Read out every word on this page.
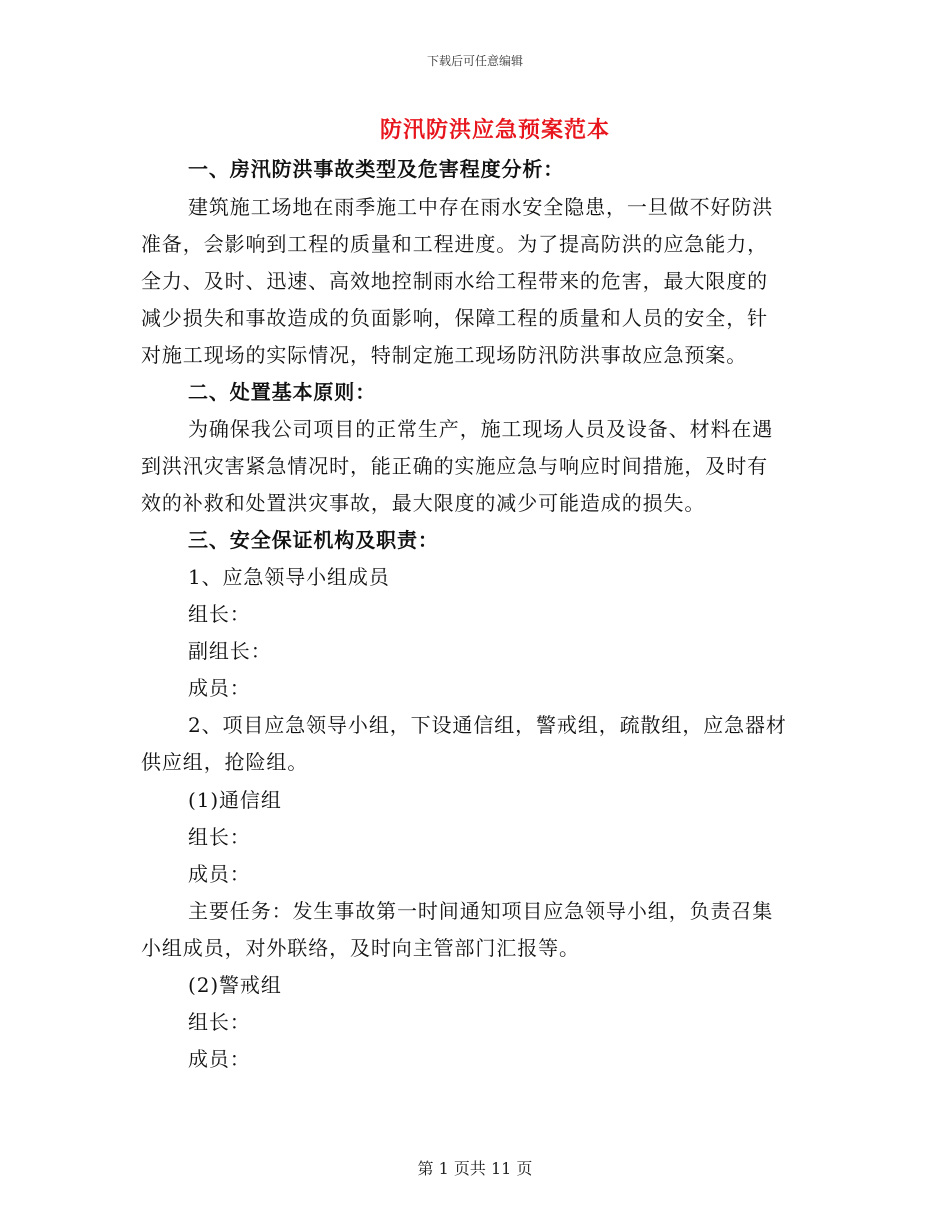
下载后可任意编辑
防汛防洪应急预案范本
一、房汛防洪事故类型及危害程度分析：
建筑施工场地在雨季施工中存在雨水安全隐患，一旦做不好防洪
准备，会影响到工程的质量和工程进度。为了提高防洪的应急能力，
全力、及时、迅速、高效地控制雨水给工程带来的危害，最大限度的
减少损失和事故造成的负面影响，保障工程的质量和人员的安全，针
对施工现场的实际情况，特制定施工现场防汛防洪事故应急预案。
二、处置基本原则：
为确保我公司项目的正常生产，施工现场人员及设备、材料在遇
到洪汛灾害紧急情况时，能正确的实施应急与响应时间措施，及时有
效的补救和处置洪灾事故，最大限度的减少可能造成的损失。
三、安全保证机构及职责：
1、应急领导小组成员
组长：
副组长：
成员：
2、项目应急领导小组，下设通信组，警戒组，疏散组，应急器材
供应组，抢险组。
(1)通信组
组长：
成员：
主要任务：发生事故第一时间通知项目应急领导小组，负责召集
小组成员，对外联络，及时向主管部门汇报等。
(2)警戒组
组长：
成员：
第 1 页共 11 页
